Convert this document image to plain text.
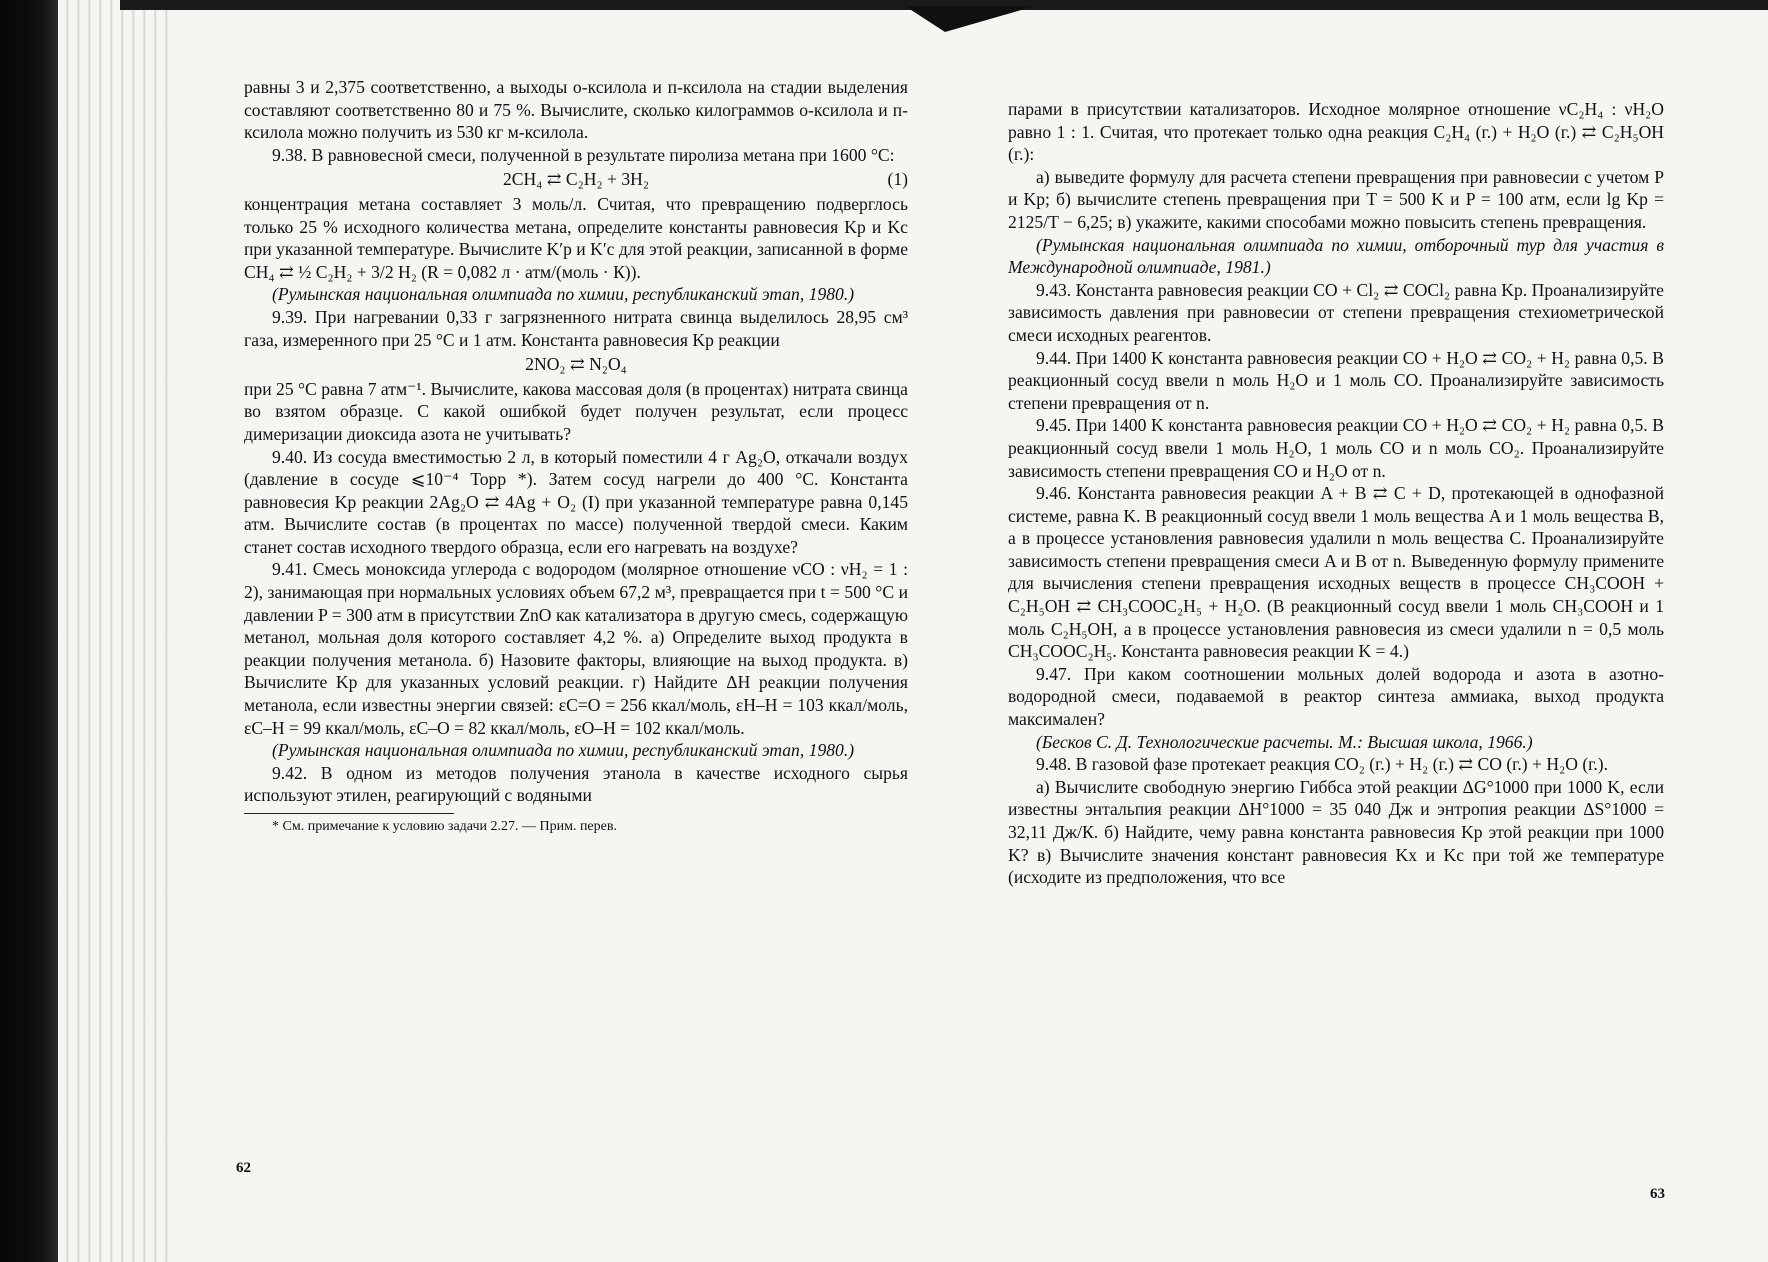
равны 3 и 2,375 соответственно, а выходы о-ксилола и п-ксилола на стадии выделения составляют соответственно 80 и 75 %. Вычислите, сколько килограммов о-ксилола и п-ксилола можно получить из 530 кг м-ксилола.

9.38. В равновесной смеси, полученной в результате пиролиза метана при 1600 °С:

2CH₄ ⇄ C₂H₂ + 3H₂	(1)

концентрация метана составляет 3 моль/л. Считая, что превращению подверглось только 25 % исходного количества метана, определите константы равновесия Kp и Kc при указанной температуре. Вычислите K′p и K′c для этой реакции, записанной в форме CH₄ ⇄ ½ C₂H₂ + 3/2 H₂ (R = 0,082 л · атм/(моль · К)).

(Румынская национальная олимпиада по химии, республиканский этап, 1980.)

9.39. При нагревании 0,33 г загрязненного нитрата свинца выделилось 28,95 см³ газа, измеренного при 25 °С и 1 атм. Константа равновесия Kp реакции

2NO₂ ⇄ N₂O₄

при 25 °С равна 7 атм⁻¹. Вычислите, какова массовая доля (в процентах) нитрата свинца во взятом образце. С какой ошибкой будет получен результат, если процесс димеризации диоксида азота не учитывать?

9.40. Из сосуда вместимостью 2 л, в который поместили 4 г Ag₂O, откачали воздух (давление в сосуде ⩽10⁻⁴ Торр *). Затем сосуд нагрели до 400 °С. Константа равновесия Kp реакции 2Ag₂O ⇄ 4Ag + O₂ (I) при указанной температуре равна 0,145 атм. Вычислите состав (в процентах по массе) полученной твердой смеси. Каким станет состав исходного твердого образца, если его нагревать на воздухе?

9.41. Смесь моноксида углерода с водородом (молярное отношение νCO : νH₂ = 1 : 2), занимающая при нормальных условиях объем 67,2 м³, превращается при t = 500 °С и давлении P = 300 атм в присутствии ZnO как катализатора в другую смесь, содержащую метанол, мольная доля которого составляет 4,2 %. а) Определите выход продукта в реакции получения метанола. б) Назовите факторы, влияющие на выход продукта. в) Вычислите Kp для указанных условий реакции. г) Найдите ΔH реакции получения метанола, если известны энергии связей: εC=O = 256 ккал/моль, εH–H = 103 ккал/моль, εC–H = 99 ккал/моль, εC–O = 82 ккал/моль, εO–H = 102 ккал/моль.

(Румынская национальная олимпиада по химии, республиканский этап, 1980.)

9.42. В одном из методов получения этанола в качестве исходного сырья используют этилен, реагирующий с водяными

* См. примечание к условию задачи 2.27. — Прим. перев.

62

парами в присутствии катализаторов. Исходное молярное отношение νC₂H₄ : νH₂O равно 1 : 1. Считая, что протекает только одна реакция C₂H₄ (г.) + H₂O (г.) ⇄ C₂H₅OH (г.):

а) выведите формулу для расчета степени превращения при равновесии с учетом P и Kp; б) вычислите степень превращения при T = 500 K и P = 100 атм, если lg Kp = 2125/T − 6,25; в) укажите, какими способами можно повысить степень превращения.

(Румынская национальная олимпиада по химии, отборочный тур для участия в Международной олимпиаде, 1981.)

9.43. Константа равновесия реакции CO + Cl₂ ⇄ COCl₂ равна Kp. Проанализируйте зависимость давления при равновесии от степени превращения стехиометрической смеси исходных реагентов.

9.44. При 1400 K константа равновесия реакции CO + H₂O ⇄ CO₂ + H₂ равна 0,5. В реакционный сосуд ввели n моль H₂O и 1 моль CO. Проанализируйте зависимость степени превращения от n.

9.45. При 1400 K константа равновесия реакции CO + H₂O ⇄ CO₂ + H₂ равна 0,5. В реакционный сосуд ввели 1 моль H₂O, 1 моль CO и n моль CO₂. Проанализируйте зависимость степени превращения CO и H₂O от n.

9.46. Константа равновесия реакции A + B ⇄ C + D, протекающей в однофазной системе, равна K. В реакционный сосуд ввели 1 моль вещества A и 1 моль вещества B, а в процессе установления равновесия удалили n моль вещества C. Проанализируйте зависимость степени превращения смеси A и B от n. Выведенную формулу примените для вычисления степени превращения исходных веществ в процессе CH₃COOH + C₂H₅OH ⇄ CH₃COOC₂H₅ + H₂O. (В реакционный сосуд ввели 1 моль CH₃COOH и 1 моль C₂H₅OH, а в процессе установления равновесия из смеси удалили n = 0,5 моль CH₃COOC₂H₅. Константа равновесия реакции K = 4.)

9.47. При каком соотношении мольных долей водорода и азота в азотно-водородной смеси, подаваемой в реактор синтеза аммиака, выход продукта максимален?

(Бесков С. Д. Технологические расчеты. М.: Высшая школа, 1966.)

9.48. В газовой фазе протекает реакция CO₂ (г.) + H₂ (г.) ⇄ CO (г.) + H₂O (г.).

а) Вычислите свободную энергию Гиббса этой реакции ΔG°1000 при 1000 K, если известны энтальпия реакции ΔH°1000 = 35 040 Дж и энтропия реакции ΔS°1000 = 32,11 Дж/К. б) Найдите, чему равна константа равновесия Kp этой реакции при 1000 K? в) Вычислите значения констант равновесия Kx и Kc при той же температуре (исходите из предположения, что все

63
